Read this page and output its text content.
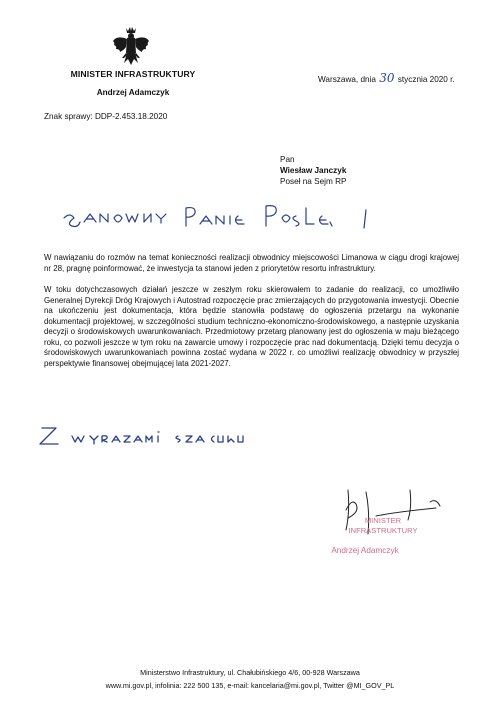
MINISTER INFRASTRUKTURY
Andrzej Adamczyk
Warszawa, dnia 30 stycznia 2020 r.
Znak sprawy: DDP-2.453.18.2020
Pan
Wiesław Janczyk
Poseł na Sejm RP
W nawiązaniu do rozmów na temat konieczności realizacji obwodnicy miejscowości Limanowa w ciągu drogi krajowej nr 28, pragnę poinformować, że inwestycja ta stanowi jeden z priorytetów resortu infrastruktury.
W toku dotychczasowych działań jeszcze w zeszłym roku skierowałem to zadanie do realizacji, co umożliwiło Generalnej Dyrekcji Dróg Krajowych i Autostrad rozpoczęcie prac zmierzających do przygotowania inwestycji. Obecnie na ukończeniu jest dokumentacja, która będzie stanowiła podstawę do ogłoszenia przetargu na wykonanie dokumentacji projektowej, w szczególności studium techniczno-ekonomiczno-środowiskowego, a następnie uzyskania decyzji o środowiskowych uwarunkowaniach. Przedmiotowy przetarg planowany jest do ogłoszenia w maju bieżącego roku, co pozwoli jeszcze w tym roku na zawarcie umowy i rozpoczęcie prac nad dokumentacją. Dzięki temu decyzja o środowiskowych uwarunkowaniach powinna zostać wydana w 2022 r. co umożliwi realizację obwodnicy w przyszłej perspektywie finansowej obejmującej lata 2021-2027.
MINISTER
INFRASTRUKTURY
Andrzej Adamczyk
Ministerstwo Infrastruktury, ul. Chałubińskiego 4/6, 00-928 Warszawa
www.mi.gov.pl, infolinia: 222 500 135, e-mail: kancelaria@mi.gov.pl, Twitter @MI_GOV_PL
